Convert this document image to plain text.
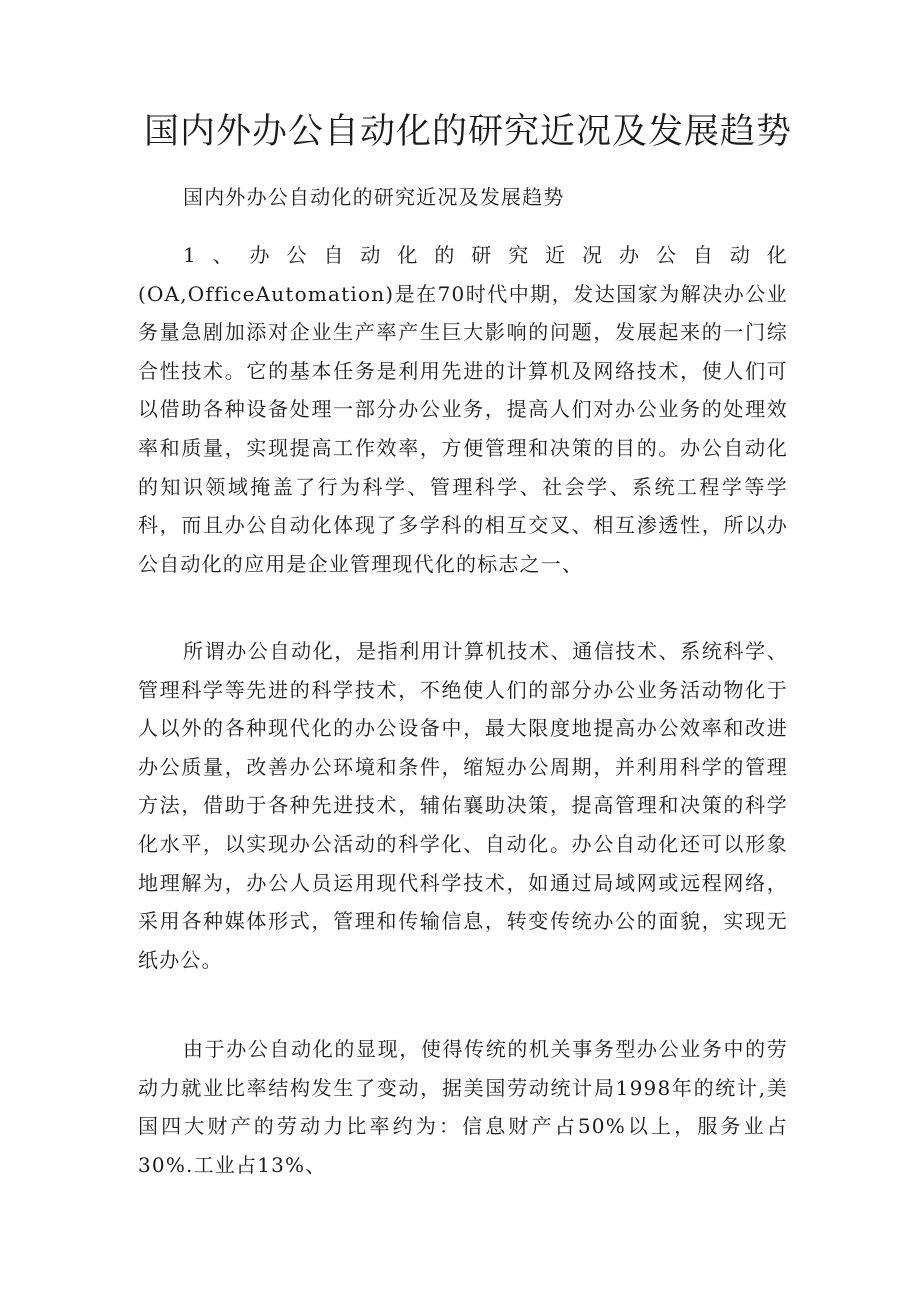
国内外办公自动化的研究近况及发展趋势

国内外办公自动化的研究近况及发展趋势

1、办公自动化的研究近况办公自动化(OA,OfficeAutomation)是在70时代中期，发达国家为解决办公业务量急剧加添对企业生产率产生巨大影响的问题，发展起来的一门综合性技术。它的基本任务是利用先进的计算机及网络技术，使人们可以借助各种设备处理一部分办公业务，提高人们对办公业务的处理效率和质量，实现提高工作效率，方便管理和决策的目的。办公自动化的知识领域掩盖了行为科学、管理科学、社会学、系统工程学等学科，而且办公自动化体现了多学科的相互交叉、相互渗透性，所以办公自动化的应用是企业管理现代化的标志之一、

所谓办公自动化，是指利用计算机技术、通信技术、系统科学、管理科学等先进的科学技术，不绝使人们的部分办公业务活动物化于人以外的各种现代化的办公设备中，最大限度地提高办公效率和改进办公质量，改善办公环境和条件，缩短办公周期，并利用科学的管理方法，借助于各种先进技术，辅佑襄助决策，提高管理和决策的科学化水平，以实现办公活动的科学化、自动化。办公自动化还可以形象地理解为，办公人员运用现代科学技术，如通过局域网或远程网络，采用各种媒体形式，管理和传输信息，转变传统办公的面貌，实现无纸办公。

由于办公自动化的显现，使得传统的机关事务型办公业务中的劳动力就业比率结构发生了变动，据美国劳动统计局1998年的统计,美国四大财产的劳动力比率约为：信息财产占50%以上，服务业占30%.工业占13%、
